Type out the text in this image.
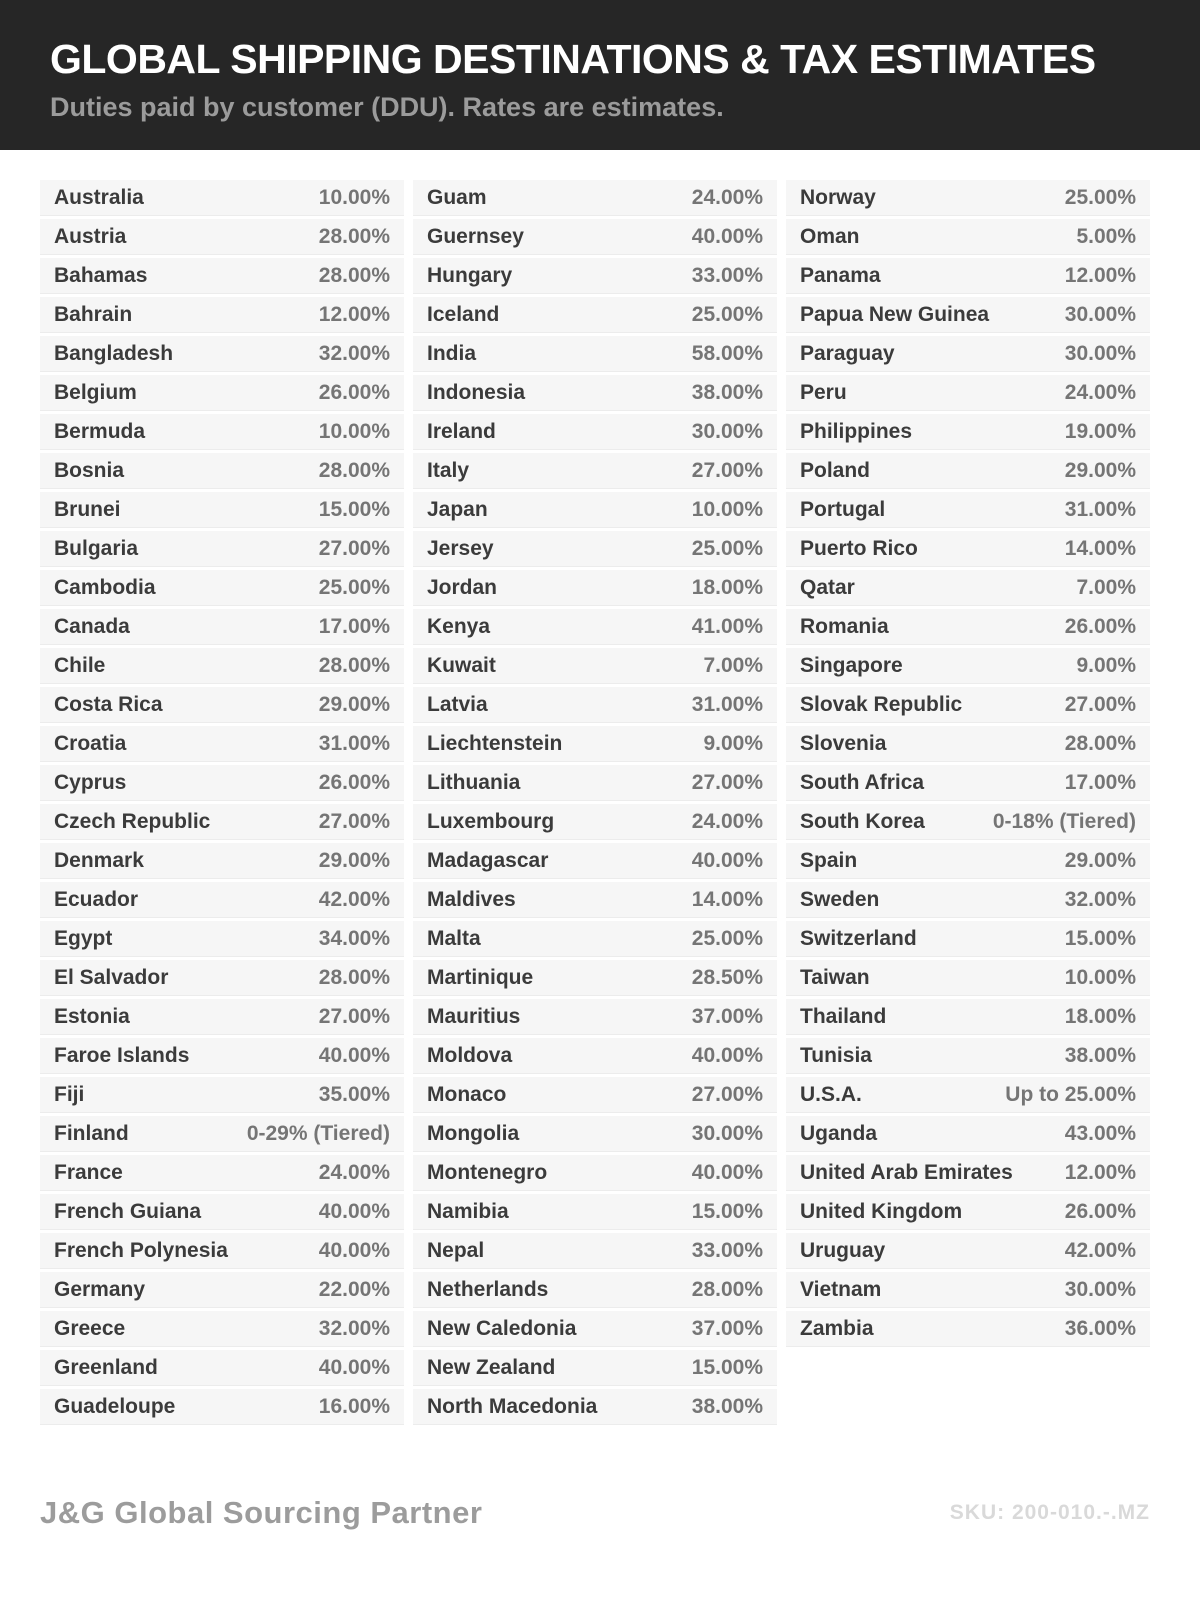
GLOBAL SHIPPING DESTINATIONS & TAX ESTIMATES
Duties paid by customer (DDU). Rates are estimates.
Australia	10.00%
Austria	28.00%
Bahamas	28.00%
Bahrain	12.00%
Bangladesh	32.00%
Belgium	26.00%
Bermuda	10.00%
Bosnia	28.00%
Brunei	15.00%
Bulgaria	27.00%
Cambodia	25.00%
Canada	17.00%
Chile	28.00%
Costa Rica	29.00%
Croatia	31.00%
Cyprus	26.00%
Czech Republic	27.00%
Denmark	29.00%
Ecuador	42.00%
Egypt	34.00%
El Salvador	28.00%
Estonia	27.00%
Faroe Islands	40.00%
Fiji	35.00%
Finland	0-29% (Tiered)
France	24.00%
French Guiana	40.00%
French Polynesia	40.00%
Germany	22.00%
Greece	32.00%
Greenland	40.00%
Guadeloupe	16.00%
Guam	24.00%
Guernsey	40.00%
Hungary	33.00%
Iceland	25.00%
India	58.00%
Indonesia	38.00%
Ireland	30.00%
Italy	27.00%
Japan	10.00%
Jersey	25.00%
Jordan	18.00%
Kenya	41.00%
Kuwait	7.00%
Latvia	31.00%
Liechtenstein	9.00%
Lithuania	27.00%
Luxembourg	24.00%
Madagascar	40.00%
Maldives	14.00%
Malta	25.00%
Martinique	28.50%
Mauritius	37.00%
Moldova	40.00%
Monaco	27.00%
Mongolia	30.00%
Montenegro	40.00%
Namibia	15.00%
Nepal	33.00%
Netherlands	28.00%
New Caledonia	37.00%
New Zealand	15.00%
North Macedonia	38.00%
Norway	25.00%
Oman	5.00%
Panama	12.00%
Papua New Guinea	30.00%
Paraguay	30.00%
Peru	24.00%
Philippines	19.00%
Poland	29.00%
Portugal	31.00%
Puerto Rico	14.00%
Qatar	7.00%
Romania	26.00%
Singapore	9.00%
Slovak Republic	27.00%
Slovenia	28.00%
South Africa	17.00%
South Korea	0-18% (Tiered)
Spain	29.00%
Sweden	32.00%
Switzerland	15.00%
Taiwan	10.00%
Thailand	18.00%
Tunisia	38.00%
U.S.A.	Up to 25.00%
Uganda	43.00%
United Arab Emirates 12.00%
United Kingdom	26.00%
Uruguay	42.00%
Vietnam	30.00%
Zambia	36.00%
J&G Global Sourcing Partner	SKU: 200-010.-.MZ
